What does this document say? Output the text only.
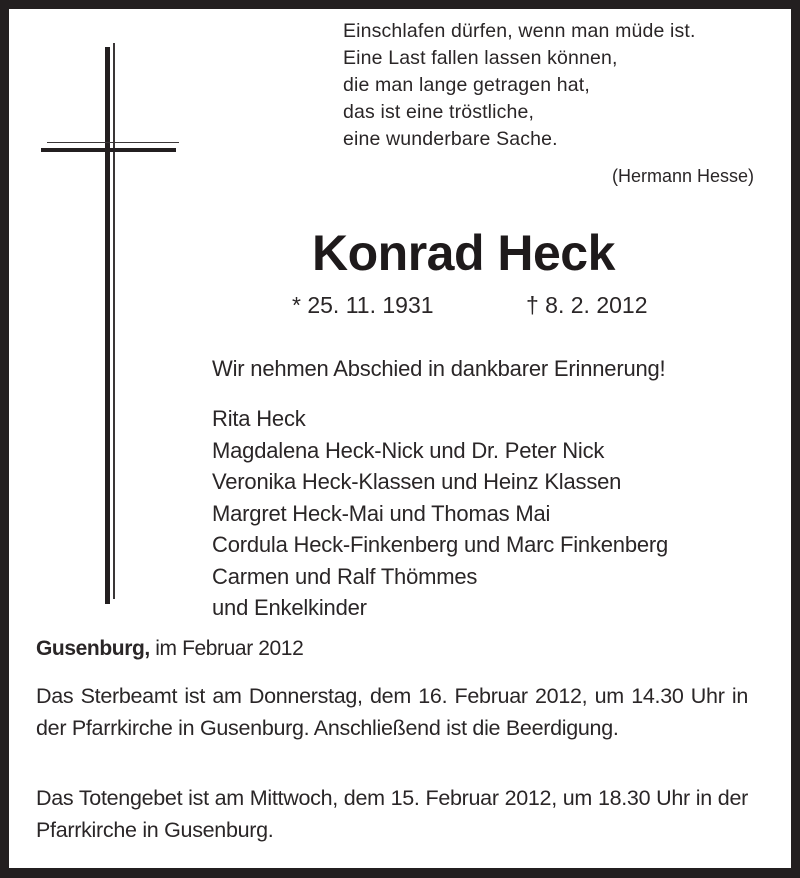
Einschlafen dürfen, wenn man müde ist.
Eine Last fallen lassen können,
die man lange getragen hat,
das ist eine tröstliche,
eine wunderbare Sache.
(Hermann Hesse)
Konrad Heck
* 25. 11. 1931	† 8. 2. 2012
Wir nehmen Abschied in dankbarer Erinnerung!
Rita Heck
Magdalena Heck-Nick und Dr. Peter Nick
Veronika Heck-Klassen und Heinz Klassen
Margret Heck-Mai und Thomas Mai
Cordula Heck-Finkenberg und Marc Finkenberg
Carmen und Ralf Thömmes
und Enkelkinder
Gusenburg, im Februar 2012
Das Sterbeamt ist am Donnerstag, dem 16. Februar 2012, um 14.30 Uhr in der Pfarrkirche in Gusenburg. Anschließend ist die Beerdigung.
Das Totengebet ist am Mittwoch, dem 15. Februar 2012, um 18.30 Uhr in der Pfarrkirche in Gusenburg.
